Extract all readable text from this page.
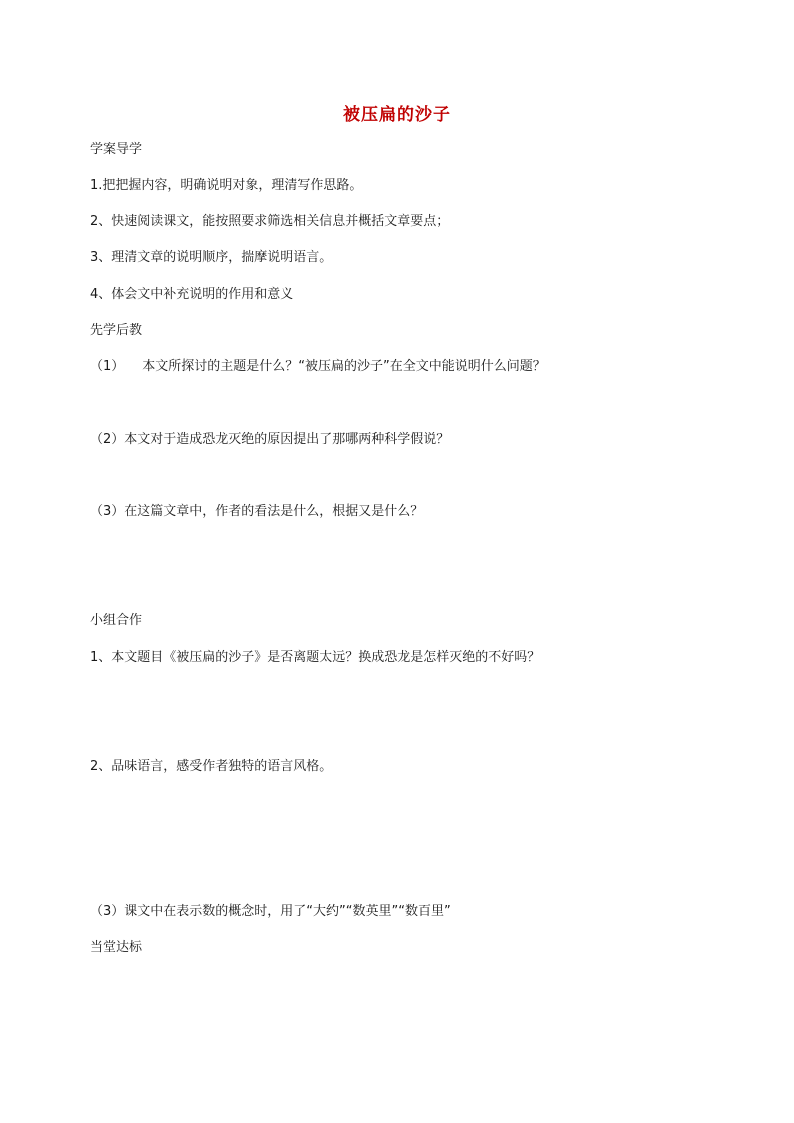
被压扁的沙子
学案导学
1.把把握内容，明确说明对象，理清写作思路。
2、快速阅读课文，能按照要求筛选相关信息并概括文章要点；
3、理清文章的说明顺序，揣摩说明语言。
4、体会文中补充说明的作用和意义
先学后教
（1） 本文所探讨的主题是什么？“被压扁的沙子”在全文中能说明什么问题？
（2）本文对于造成恐龙灭绝的原因提出了那哪两种科学假说？
（3）在这篇文章中，作者的看法是什么，根据又是什么？
小组合作
1、本文题目《被压扁的沙子》是否离题太远？换成恐龙是怎样灭绝的不好吗？
2、品味语言，感受作者独特的语言风格。
（3）课文中在表示数的概念时，用了“大约”“数英里”“数百里”
当堂达标
